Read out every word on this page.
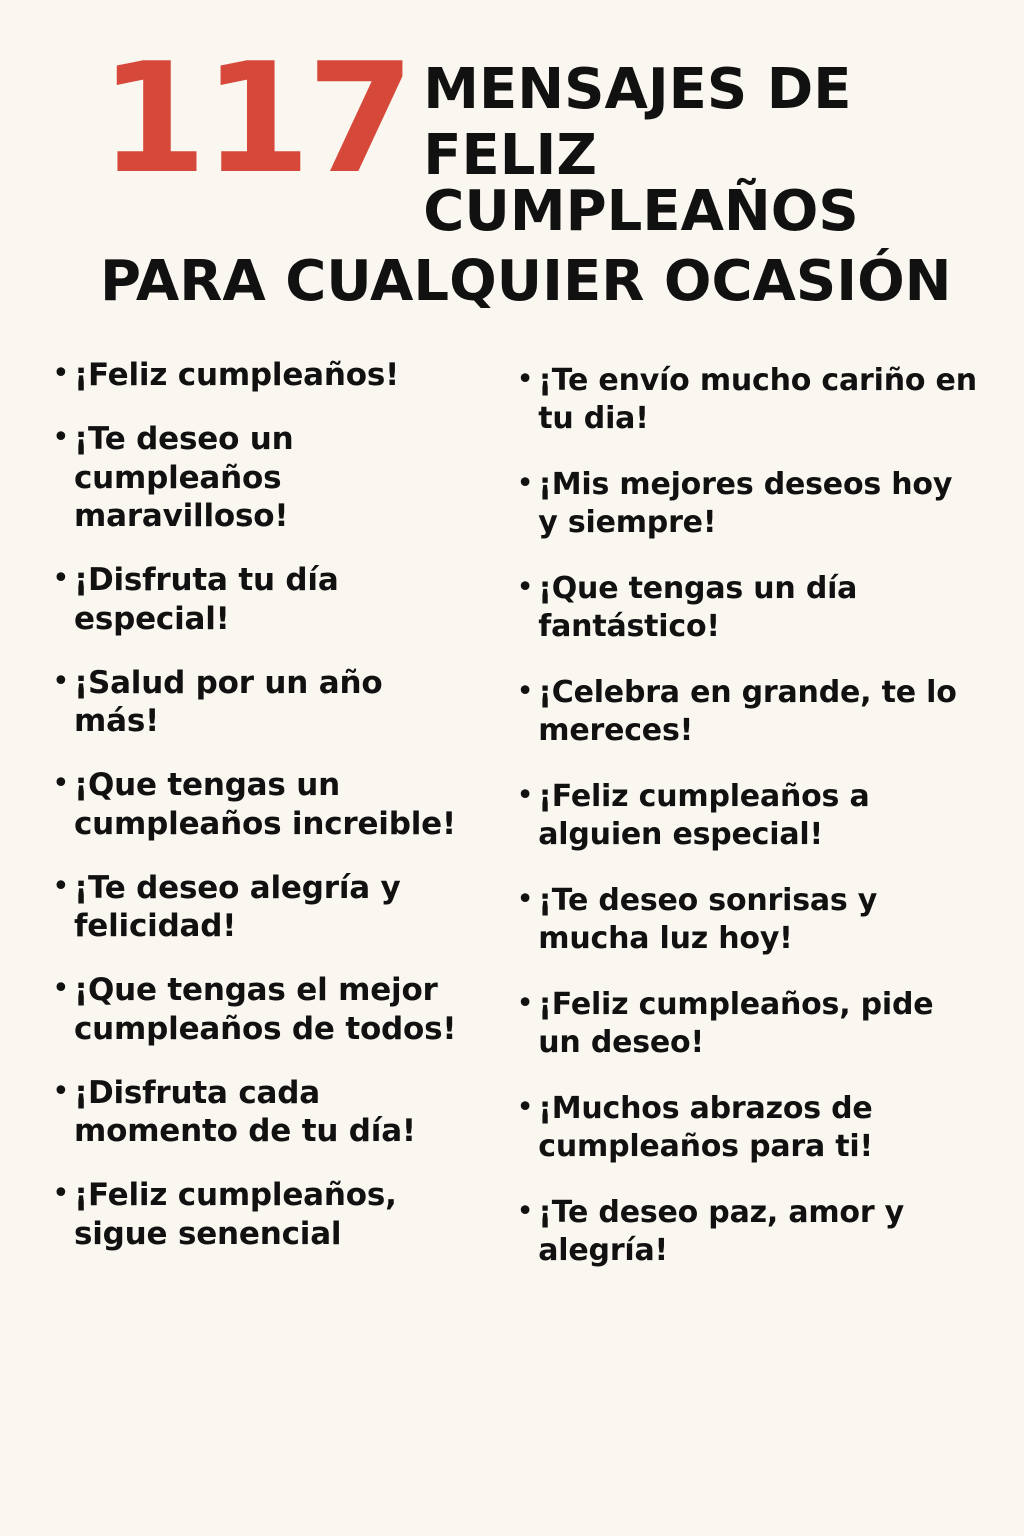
117 MENSAJES DE
FELIZ CUMPLEAÑOS
PARA CUALQUIER OCASIÓN
• ¡Feliz cumpleaños!
• ¡Te deseo un cumpleaños maravilloso!
• ¡Disfruta tu día especial!
• ¡Salud por un año más!
• ¡Que tengas un cumpleaños increible!
• ¡Te deseo alegría y felicidad!
• ¡Que tengas el mejor cumpleaños de todos!
• ¡Disfruta cada momento de tu día!
• ¡Feliz cumpleaños, sigue senencial
• ¡Te envío mucho cariño en tu dia!
• ¡Mis mejores deseos hoy y siempre!
• ¡Que tengas un día fantástico!
• ¡Celebra en grande, te lo mereces!
• ¡Feliz cumpleaños a alguien especial!
• ¡Te deseo sonrisas y mucha luz hoy!
• ¡Feliz cumpleaños, pide un deseo!
• ¡Muchos abrazos de cumpleaños para ti!
• ¡Te deseo paz, amor y alegría!
